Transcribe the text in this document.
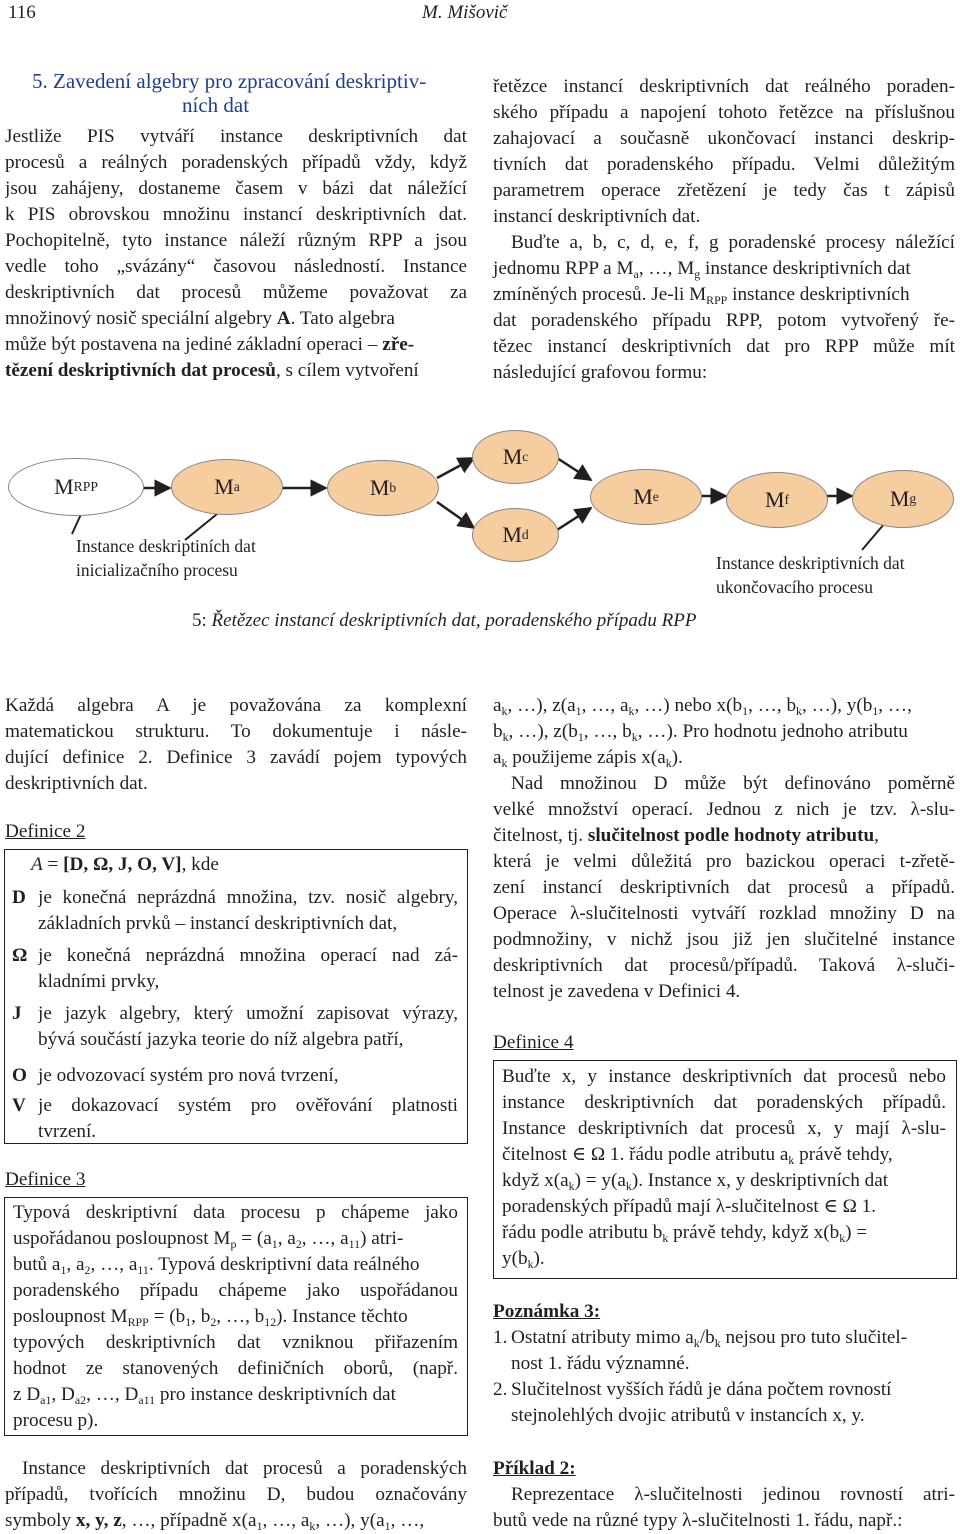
116	M. Mišovič
5. Zavedení algebry pro zpracování deskriptiv-
ních dat
Jestliže PIS vytváří instance deskriptivních dat
procesů a reálných poradenských případů vždy, když
jsou zahájeny, dostaneme časem v bázi dat náležící
k PIS obrovskou množinu instancí deskriptivních dat.
Pochopitelně, tyto instance náleží různým RPP a jsou
vedle toho „svázány“ časovou následností. Instance
deskriptivních dat procesů můžeme považovat za
množinový nosič speciální algebry A. Tato algebra
může být postavena na jediné základní operaci – zře-
tězení deskriptivních dat procesů, s cílem vytvoření
řetězce instancí deskriptivních dat reálného poraden-
ského případu a napojení tohoto řetězce na příslušnou
zahajovací a současně ukončovací instanci deskrip-
tivních dat poradenského případu. Velmi důležitým
parametrem operace zřetězení je tedy čas t zápisů
instancí deskriptivních dat.
Buďte a, b, c, d, e, f, g poradenské procesy náležící
jednomu RPP a $M_a$, …, $M_g$ instance deskriptivních dat
zmíněných procesů. Je-li $M_{RPP}$ instance deskriptivních
dat poradenského případu RPP, potom vytvořený ře-
tězec instancí deskriptivních dat pro RPP může mít
následující grafovou formu:
M RPP	M a	M b
M c
M d
M e	M f	M g
Instance deskriptiních dat
inicializačního procesu	Instance deskriptivních dat
ukončovacího procesu
5: Řetězec instancí deskriptivních dat, poradenského případu RPP
Každá algebra A je považována za komplexní
matematickou strukturu. To dokumentuje i násle-
dující definice 2. Definice 3 zavádí pojem typových
deskriptivních dat.
Definice 2
A = [D, Ω, J, O, V], kde
D je konečná neprázdná množina, tzv. nosič algebry,
základních prvků – instancí deskriptivních dat,
Ω je konečná neprázdná množina operací nad zá-
kladními prvky,
J je jazyk algebry, který umožní zapisovat výrazy,
bývá součástí jazyka teorie do níž algebra patří,
O je odvozovací systém pro nová tvrzení,
V je dokazovací systém pro ověřování platnosti
tvrzení.
Definice 3
Typová deskriptivní data procesu p chápeme jako
uspořádanou posloupnost $M_p = (a_1$, $a_2$, …, $a_{11}$) atri-
butů $a_1$, $a_2$, …, $a_{11}$. Typová deskriptivní data reálného
poradenského případu chápeme jako uspořádanou
posloupnost $M_{RPP} = (b_1$, $b_2$, …, $b_{12}$). Instance těchto
typových deskriptivních dat vzniknou přiřazením
hodnot ze stanovených definičních oborů, (např.
z $D_{a1}$, $D_{a2}$, …, $D_{a11}$ pro instance deskriptivních dat
procesu p).
Instance deskriptivních dat procesů a poradenských
případů, tvořících množinu D, budou označovány
symboly x, y, z, …, případně $x(a_1$, …, $a_k$, …), $y(a_1$, …,
$a_k$, …), $z(a_1$, …, $a_k$, …) nebo $x(b_1$, …, $b_k$, …), $y(b_1$, …,
$b_k$, …), $z(b_1$, …, $b_k$, …). Pro hodnotu jednoho atributu
$a_k$ použijeme zápis $x(a_k)$.
Nad množinou D může být definováno poměrně
velké množství operací. Jednou z nich je tzv. λ-slu-
čitelnost, tj. slučitelnost podle hodnoty atributu,
která je velmi důležitá pro bazickou operaci t-zřetě-
zení instancí deskriptivních dat procesů a případů.
Operace λ-slučitelnosti vytváří rozklad množiny D na
podmnožiny, v nichž jsou již jen slučitelné instance
deskriptivních dat procesů/případů. Taková λ-sluči-
telnost je zavedena v Definici 4.
Definice 4
Buďte x, y instance deskriptivních dat procesů nebo
instance deskriptivních dat poradenských případů.
Instance deskriptivních dat procesů x, y mají λ-slu-
čitelnost ∈ Ω 1. řádu podle atributu $a_k$ právě tehdy,
když $x(a_k) = y(a_k)$. Instance x, y deskriptivních dat
poradenských případů mají λ-slučitelnost ∈ Ω 1.
řádu podle atributu $b_k$ právě tehdy, když $x(b_k)$ =
$y(b_k)$.
Poznámka 3:
1. Ostatní atributy mimo $a_k/b_k$ nejsou pro tuto slučitel-
nost 1. řádu významné.
2. Slučitelnost vyšších řádů je dána počtem rovností
stejnolehlých dvojic atributů v instancích x, y.
Příklad 2:
Reprezentace λ-slučitelnosti jedinou rovností atri-
butů vede na různé typy λ-slučitelnosti 1. řádu, např.:
